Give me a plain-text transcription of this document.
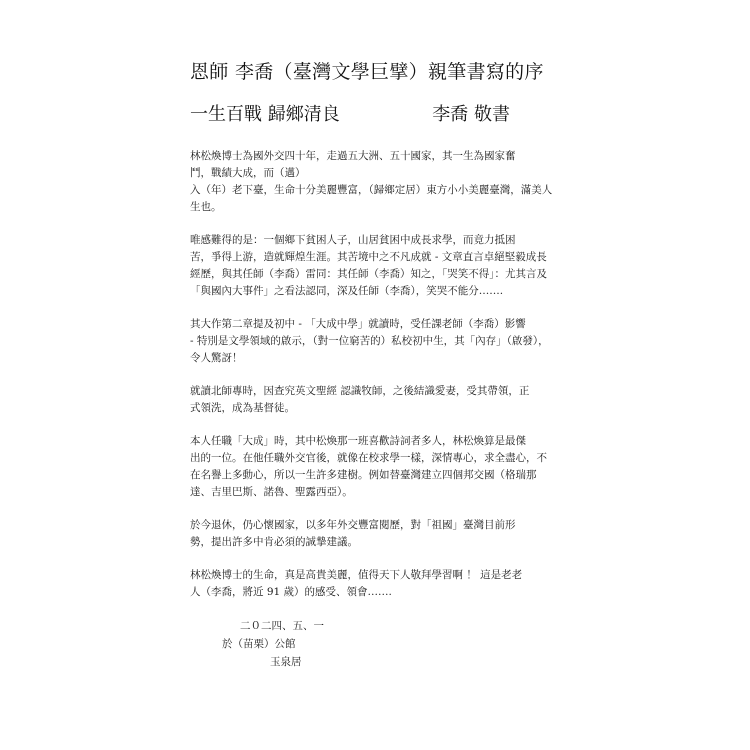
恩師 李喬（臺灣文學巨擘）親筆書寫的序
一生百戰 歸鄉清良	李喬 敬書
林松煥博士為國外交四十年，走過五大洲、五十國家，其一生為國家奮
鬥，戰績大成，而（邁）
入（年）老下臺，生命十分美麗豐富，（歸鄉定居）東方小小美麗臺灣，滿美人
生也。
唯感難得的是：一個鄉下貧困人子，山居貧困中成長求學，而竟力抵困
苦，爭得上游，造就輝煌生涯。其苦境中之不凡成就 - 文章直言卓絕堅毅成長
經歷，與其任師（李喬）雷同：其任師（李喬）知之，「哭笑不得」：尤其言及
「與國內大事件」之看法認同，深及任師（李喬），笑哭不能分…….
其大作第二章提及初中 - 「大成中學」就讀時，受任課老師（李喬）影響
- 特別是文學領域的啟示，（對一位窮苦的）私校初中生，其「內存」（啟發），
令人驚訝！
就讀北師專時，因查究英文聖經 認識牧師，之後結識愛妻，受其帶領，正
式領洗，成為基督徒。
本人任職「大成」時，其中松煥那一班喜歡詩詞者多人，林松煥算是最傑
出的一位。在他任職外交官後，就像在校求學一樣，深情專心，求全盡心，不
在名譽上多動心，所以一生許多建樹。例如替臺灣建立四個邦交國（格瑞那
達、吉里巴斯、諾魯、聖露西亞）。
於今退休，仍心懷國家，以多年外交豐富閱歷，對「祖國」臺灣目前形
勢，提出許多中肯必須的誠摯建議。
林松煥博士的生命，真是高貴美麗，值得天下人敬拜學習啊 ！ 這是老老
人（李喬，將近 91 歲）的感受、領會…….
二０二四、五、一
於（苗栗）公館
玉泉居
